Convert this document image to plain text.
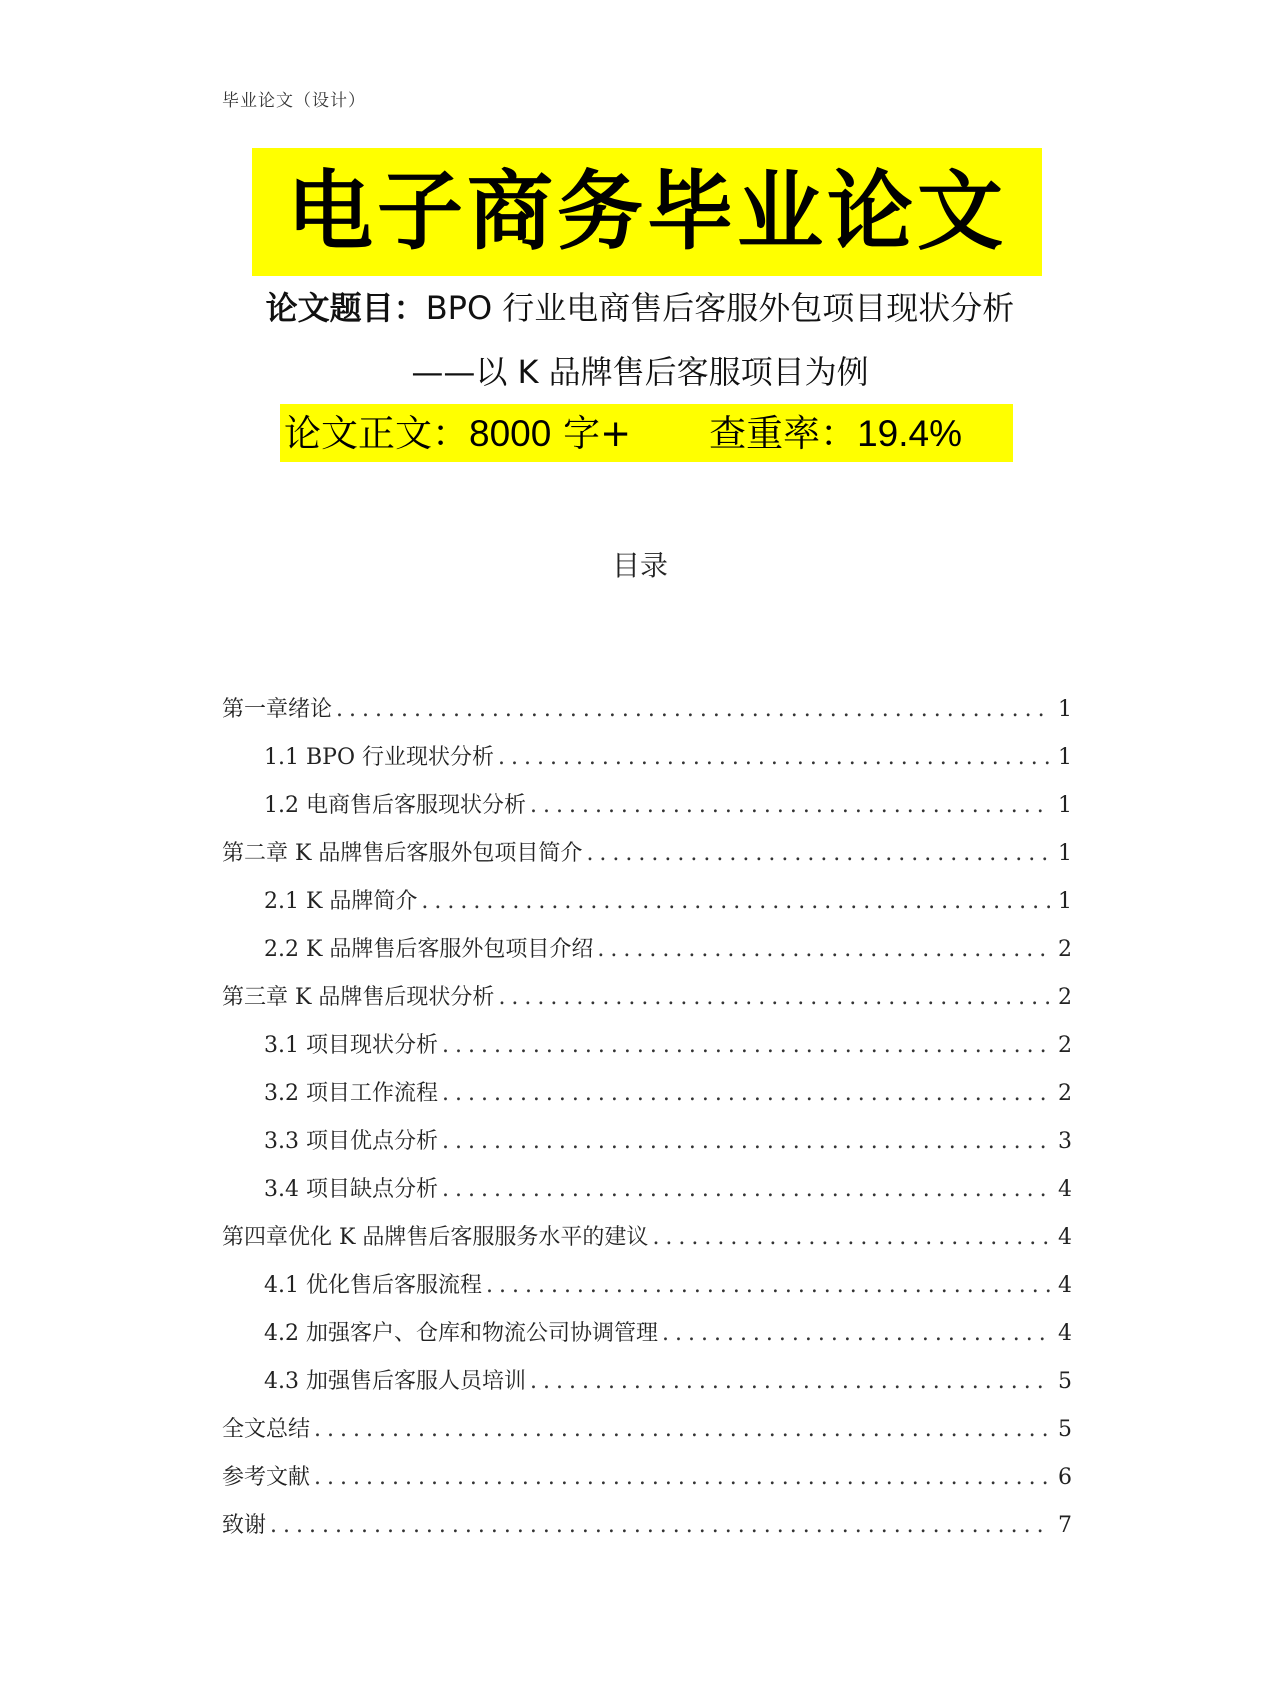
毕业论文（设计）
电子商务毕业论文
论文题目：BPO 行业电商售后客服外包项目现状分析
——以 K 品牌售后客服项目为例
论文正文：8000 字+ 查重率：19.4%
目录
第一章绪论 .....	1
1.1 BPO 行业现状分析 .....	1
1.2 电商售后客服现状分析 .....	1
第二章 K 品牌售后客服外包项目简介 .....	1
2.1 K 品牌简介 .....	1
2.2 K 品牌售后客服外包项目介绍 .....	2
第三章 K 品牌售后现状分析 .....	2
3.1 项目现状分析 .....	2
3.2 项目工作流程 .....	2
3.3 项目优点分析 .....	3
3.4 项目缺点分析 .....	4
第四章优化 K 品牌售后客服服务水平的建议 .....	4
4.1 优化售后客服流程 .....	4
4.2 加强客户、仓库和物流公司协调管理 .....	4
4.3 加强售后客服人员培训 .....	5
全文总结 .....	5
参考文献 .....	6
致谢 .....	7
